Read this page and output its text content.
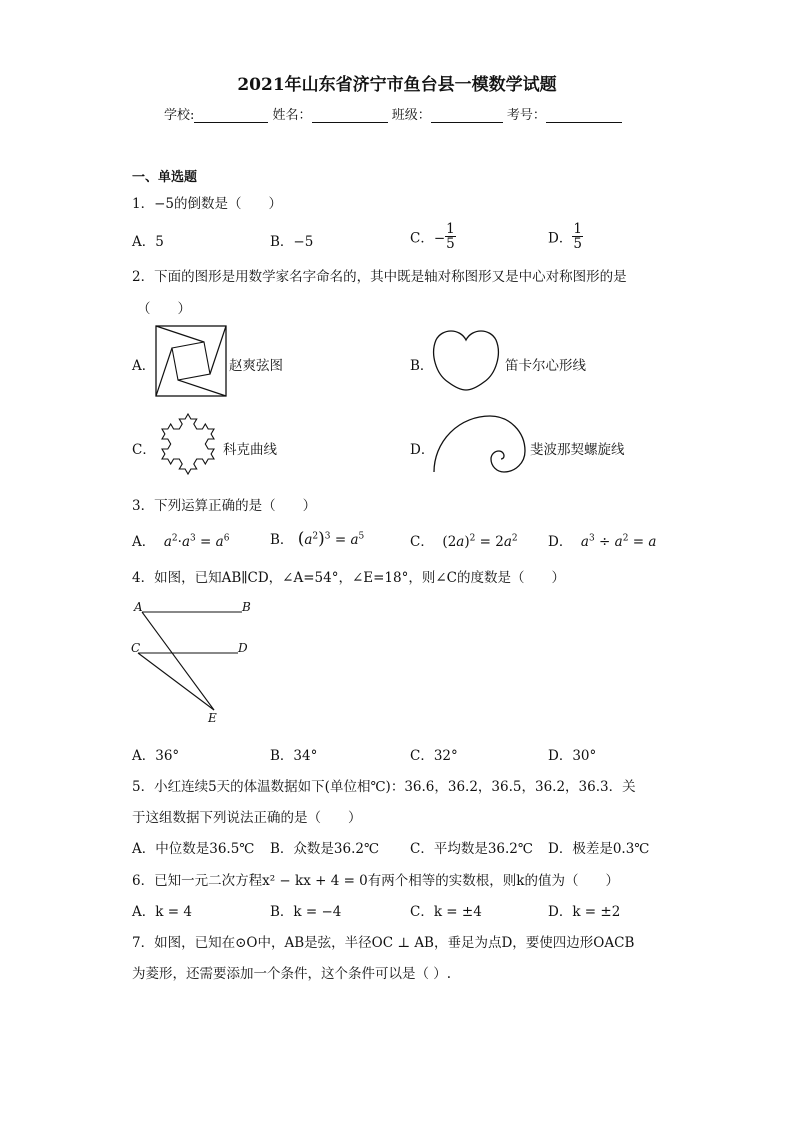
2021年山东省济宁市鱼台县一模数学试题
学校:	姓名：	班级：	考号：
一、单选题
1．−5的倒数是（　　）
A．5	B．−5	C．− $\frac{1}{5}$	D． $\frac{1}{5}$
2．下面的图形是用数学家名字命名的，其中既是轴对称图形又是中心对称图形的是
（　　）
A．	赵爽弦图	B．	笛卡尔心形线
C．	科克曲线	D．	斐波那契螺旋线
3．下列运算正确的是（　　）
A． $a^2\cdot a^3 = a^6$	B． $(a^2)^3 = a^5$	C．  $(2a)^2 = 2a^2$ D． $a^3 \div a^2 = a$
4．如图，已知AB∥CD，∠A=54°，∠E=18°，则∠C的度数是（　　）
A	B
C	D
E
A．36°	B．34°	C．32°	D．30°
5．小红连续5天的体温数据如下(单位相℃)：36.6，36.2，36.5，36.2，36.3．关
于这组数据下列说法正确的是（　　）
A．中位数是36.5℃ B．众数是36.2℃ C．平均数是36.2℃ D．极差是0.3℃
6．已知一元二次方程x² − kx + 4 = 0有两个相等的实数根，则k的值为（　　）
A．k = 4	B．k = −4	C．k = ±4	D．k = ±2
7．如图，已知在⊙O中，AB是弦，半径OC ⊥ AB，垂足为点D，要使四边形OACB
为菱形，还需要添加一个条件，这个条件可以是（ ）.
